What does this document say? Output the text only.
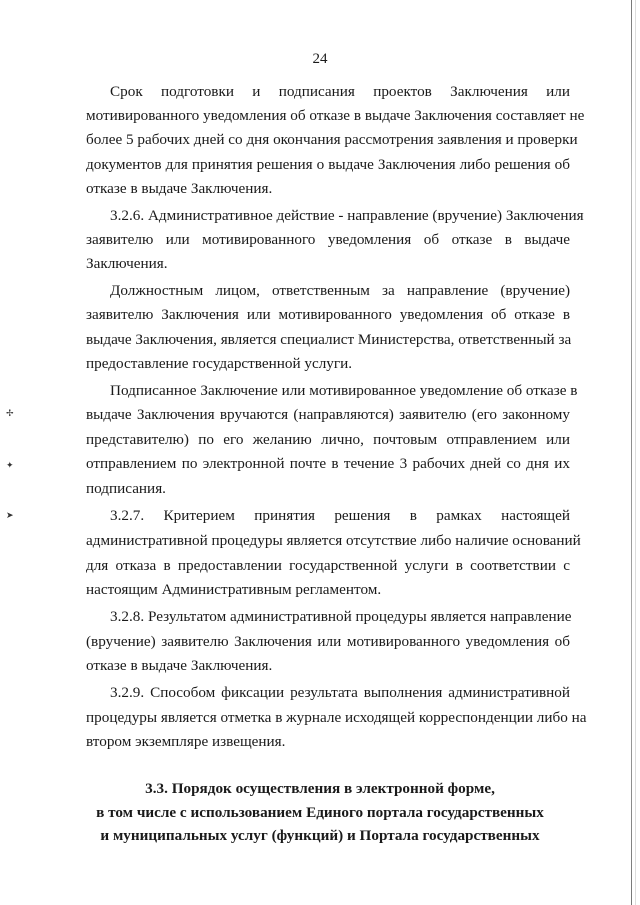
✢
✦
➤
24
Срок подготовки и подписания проектов Заключения или
мотивированного уведомления об отказе в выдаче Заключения составляет не
более 5 рабочих дней со дня окончания рассмотрения заявления и проверки
документов для принятия решения о выдаче Заключения либо решения об
отказе в выдаче Заключения.
3.2.6. Административное действие - направление (вручение) Заключения
заявителю или мотивированного уведомления об отказе в выдаче
Заключения.
Должностным лицом, ответственным за направление (вручение)
заявителю Заключения или мотивированного уведомления об отказе в
выдаче Заключения, является специалист Министерства, ответственный за
предоставление государственной услуги.
Подписанное Заключение или мотивированное уведомление об отказе в
выдаче Заключения вручаются (направляются) заявителю (его законному
представителю) по его желанию лично, почтовым отправлением или
отправлением по электронной почте в течение 3 рабочих дней со дня их
подписания.
3.2.7. Критерием принятия решения в рамках настоящей
административной процедуры является отсутствие либо наличие оснований
для отказа в предоставлении государственной услуги в соответствии с
настоящим Административным регламентом.
3.2.8. Результатом административной процедуры является направление
(вручение) заявителю Заключения или мотивированного уведомления об
отказе в выдаче Заключения.
3.2.9. Способом фиксации результата выполнения административной
процедуры является отметка в журнале исходящей корреспонденции либо на
втором экземпляре извещения.
3.3. Порядок осуществления в электронной форме,
в том числе с использованием Единого портала государственных
и муниципальных услуг (функций) и Портала государственных
